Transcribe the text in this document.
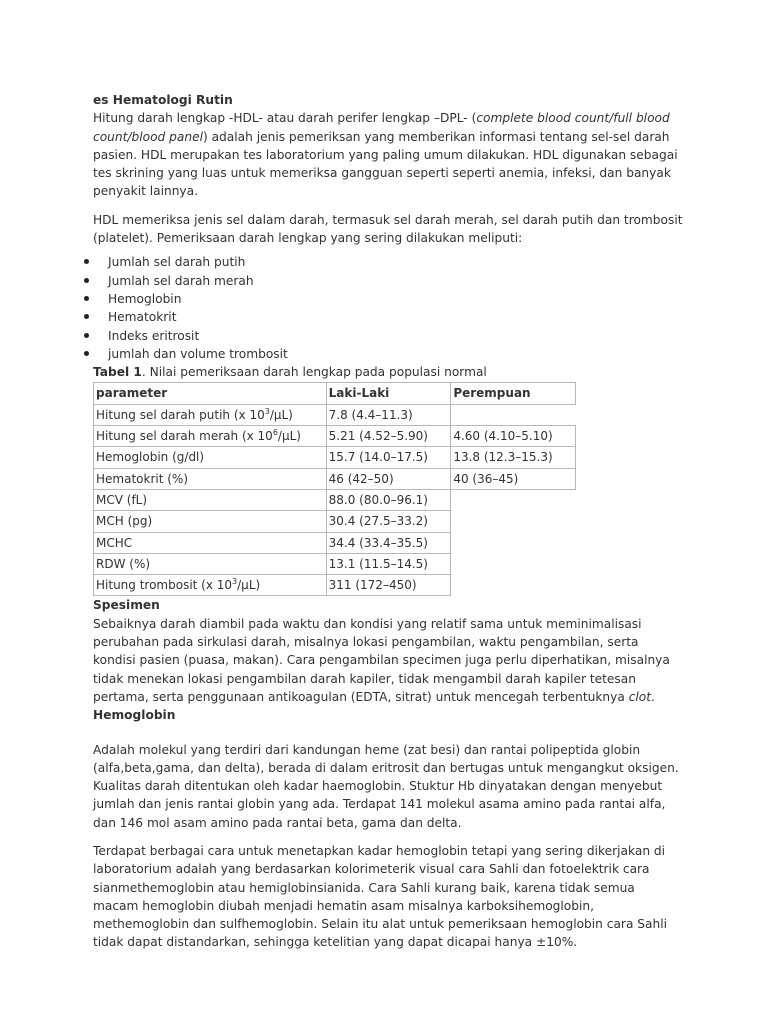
es Hematologi Rutin

Hitung darah lengkap -HDL- atau darah perifer lengkap –DPL- (complete blood count/full blood count/blood panel) adalah jenis pemeriksan yang memberikan informasi tentang sel-sel darah pasien. HDL merupakan tes laboratorium yang paling umum dilakukan. HDL digunakan sebagai tes skrining yang luas untuk memeriksa gangguan seperti seperti anemia, infeksi, dan banyak penyakit lainnya.

HDL memeriksa jenis sel dalam darah, termasuk sel darah merah, sel darah putih dan trombosit (platelet). Pemeriksaan darah lengkap yang sering dilakukan meliputi:

Jumlah sel darah putih
Jumlah sel darah merah
Hemoglobin
Hematokrit
Indeks eritrosit
jumlah dan volume trombosit

Tabel 1. Nilai pemeriksaan darah lengkap pada populasi normal

parameter	Laki-Laki	Perempuan
Hitung sel darah putih (x $10^3/\mu L$)	7.8 (4.4–11.3)	
Hitung sel darah merah (x $10^6/\mu L$)	5.21 (4.52–5.90)	4.60 (4.10–5.10)
Hemoglobin (g/dl)	15.7 (14.0–17.5)	13.8 (12.3–15.3)
Hematokrit (%)	46 (42–50)	40 (36–45)
MCV (fL)	88.0 (80.0–96.1)	
MCH (pg)	30.4 (27.5–33.2)	
MCHC	34.4 (33.4–35.5)	
RDW (%)	13.1 (11.5–14.5)	
Hitung trombosit (x $10^3/\mu L$)	311 (172–450)	

Spesimen

Sebaiknya darah diambil pada waktu dan kondisi yang relatif sama untuk meminimalisasi perubahan pada sirkulasi darah, misalnya lokasi pengambilan, waktu pengambilan, serta kondisi pasien (puasa, makan). Cara pengambilan specimen juga perlu diperhatikan, misalnya tidak menekan lokasi pengambilan darah kapiler, tidak mengambil darah kapiler tetesan pertama, serta penggunaan antikoagulan (EDTA, sitrat) untuk mencegah terbentuknya clot.

Hemoglobin

Adalah molekul yang terdiri dari kandungan heme (zat besi) dan rantai polipeptida globin (alfa,beta,gama, dan delta), berada di dalam eritrosit dan bertugas untuk mengangkut oksigen. Kualitas darah ditentukan oleh kadar haemoglobin. Stuktur Hb dinyatakan dengan menyebut jumlah dan jenis rantai globin yang ada. Terdapat 141 molekul asama amino pada rantai alfa, dan 146 mol asam amino pada rantai beta, gama dan delta.

Terdapat berbagai cara untuk menetapkan kadar hemoglobin tetapi yang sering dikerjakan di laboratorium adalah yang berdasarkan kolorimeterik visual cara Sahli dan fotoelektrik cara sianmethemoglobin atau hemiglobinsianida. Cara Sahli kurang baik, karena tidak semua macam hemoglobin diubah menjadi hematin asam misalnya karboksihemoglobin, methemoglobin dan sulfhemoglobin. Selain itu alat untuk pemeriksaan hemoglobin cara Sahli tidak dapat distandarkan, sehingga ketelitian yang dapat dicapai hanya ±10%.
